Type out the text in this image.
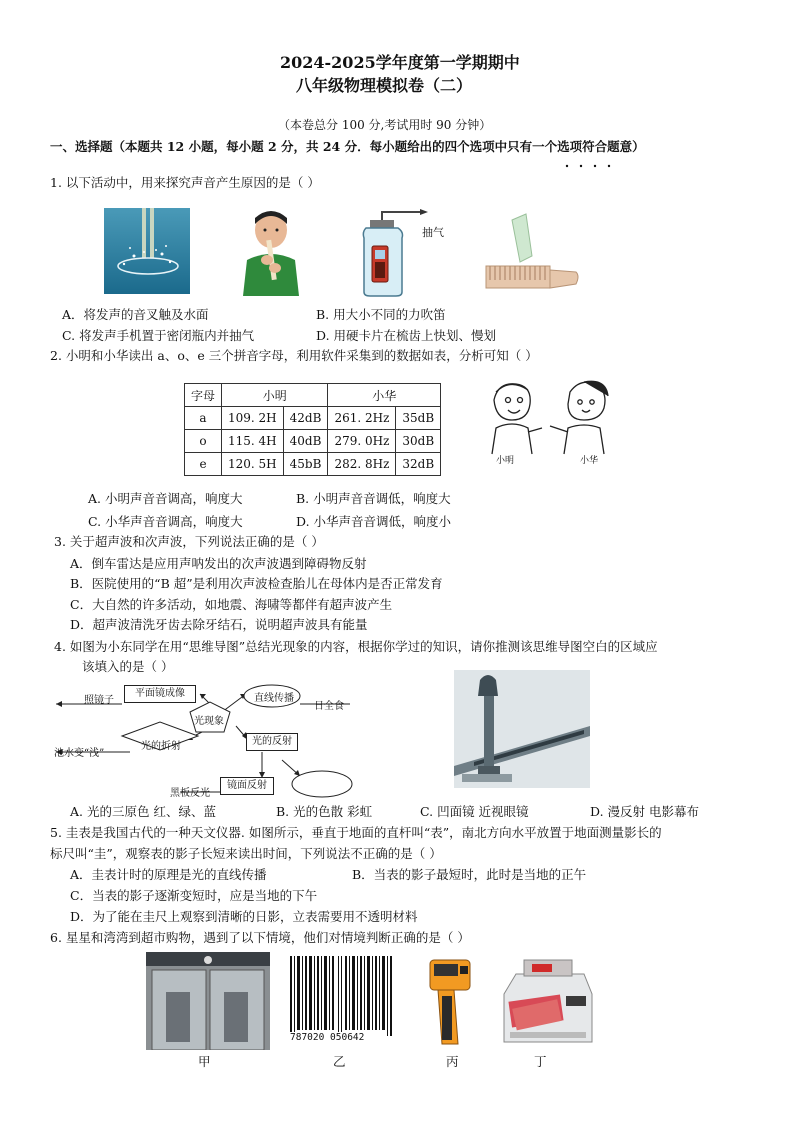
2024-2025学年度第一学期期中
八年级物理模拟卷（二）
（本卷总分 100 分,考试用时 90 分钟）
一、选择题（本题共 12 小题，每小题 2 分，共 24 分．每小题给出的四个选项中只有一个选项符合题意）
1. 以下活动中，用来探究声音产生原因的是（ ）
抽气
A．将发声的音叉触及水面	B. 用大小不同的力吹笛
C. 将发声手机置于密闭瓶内并抽气	D. 用硬卡片在梳齿上快划、慢划
2. 小明和小华读出 a、o、e 三个拼音字母，利用软件采集到的数据如表，分析可知（ ）
字母	小明		小华	
a	109. 2H	42dB	261. 2Hz	35dB
o	115. 4H	40dB	279. 0Hz	30dB
e	120. 5H	45bB	282. 8Hz	32dB	小明	小华
A. 小明声音音调高，响度大	B. 小明声音音调低，响度大
C. 小华声音音调高，响度大	D. 小华声音音调低，响度小
3. 关于超声波和次声波，下列说法正确的是（ ）
A．倒车雷达是应用声呐发出的次声波遇到障碍物反射
B．医院使用的“B 超”是利用次声波检查胎儿在母体内是否正常发育
C．大自然的许多活动，如地震、海啸等都伴有超声波产生
D．超声波清洗牙齿去除牙结石，说明超声波具有能量
4. 如图为小东同学在用“思维导图”总结光现象的内容，根据你学过的知识，请你推测该思维导图空白的区域应
该填入的是（ ）
光现象
照镜子
平面镜成像	直线传播
日全食
光的折射
池水变“浅”
光的反射
黑板反光
镜面反射
A. 光的三原色 红、绿、蓝	B. 光的色散 彩虹	C. 凹面镜 近视眼镜	D. 漫反射 电影幕布
5. 圭表是我国古代的一种天文仪器. 如图所示，垂直于地面的直杆叫“表”，南北方向水平放置于地面测量影长的
标尺叫“圭”，观察表的影子长短来读出时间，下列说法不正确的是（ ）
A．圭表计时的原理是光的直线传播	B．当表的影子最短时，此时是当地的正午
C．当表的影子逐渐变短时，应是当地的下午
D．为了能在圭尺上观察到清晰的日影，立表需要用不透明材料
6. 星星和湾湾到超市购物，遇到了以下情境，他们对情境判断正确的是（ ）
787020 050642
甲	乙	丙	丁
